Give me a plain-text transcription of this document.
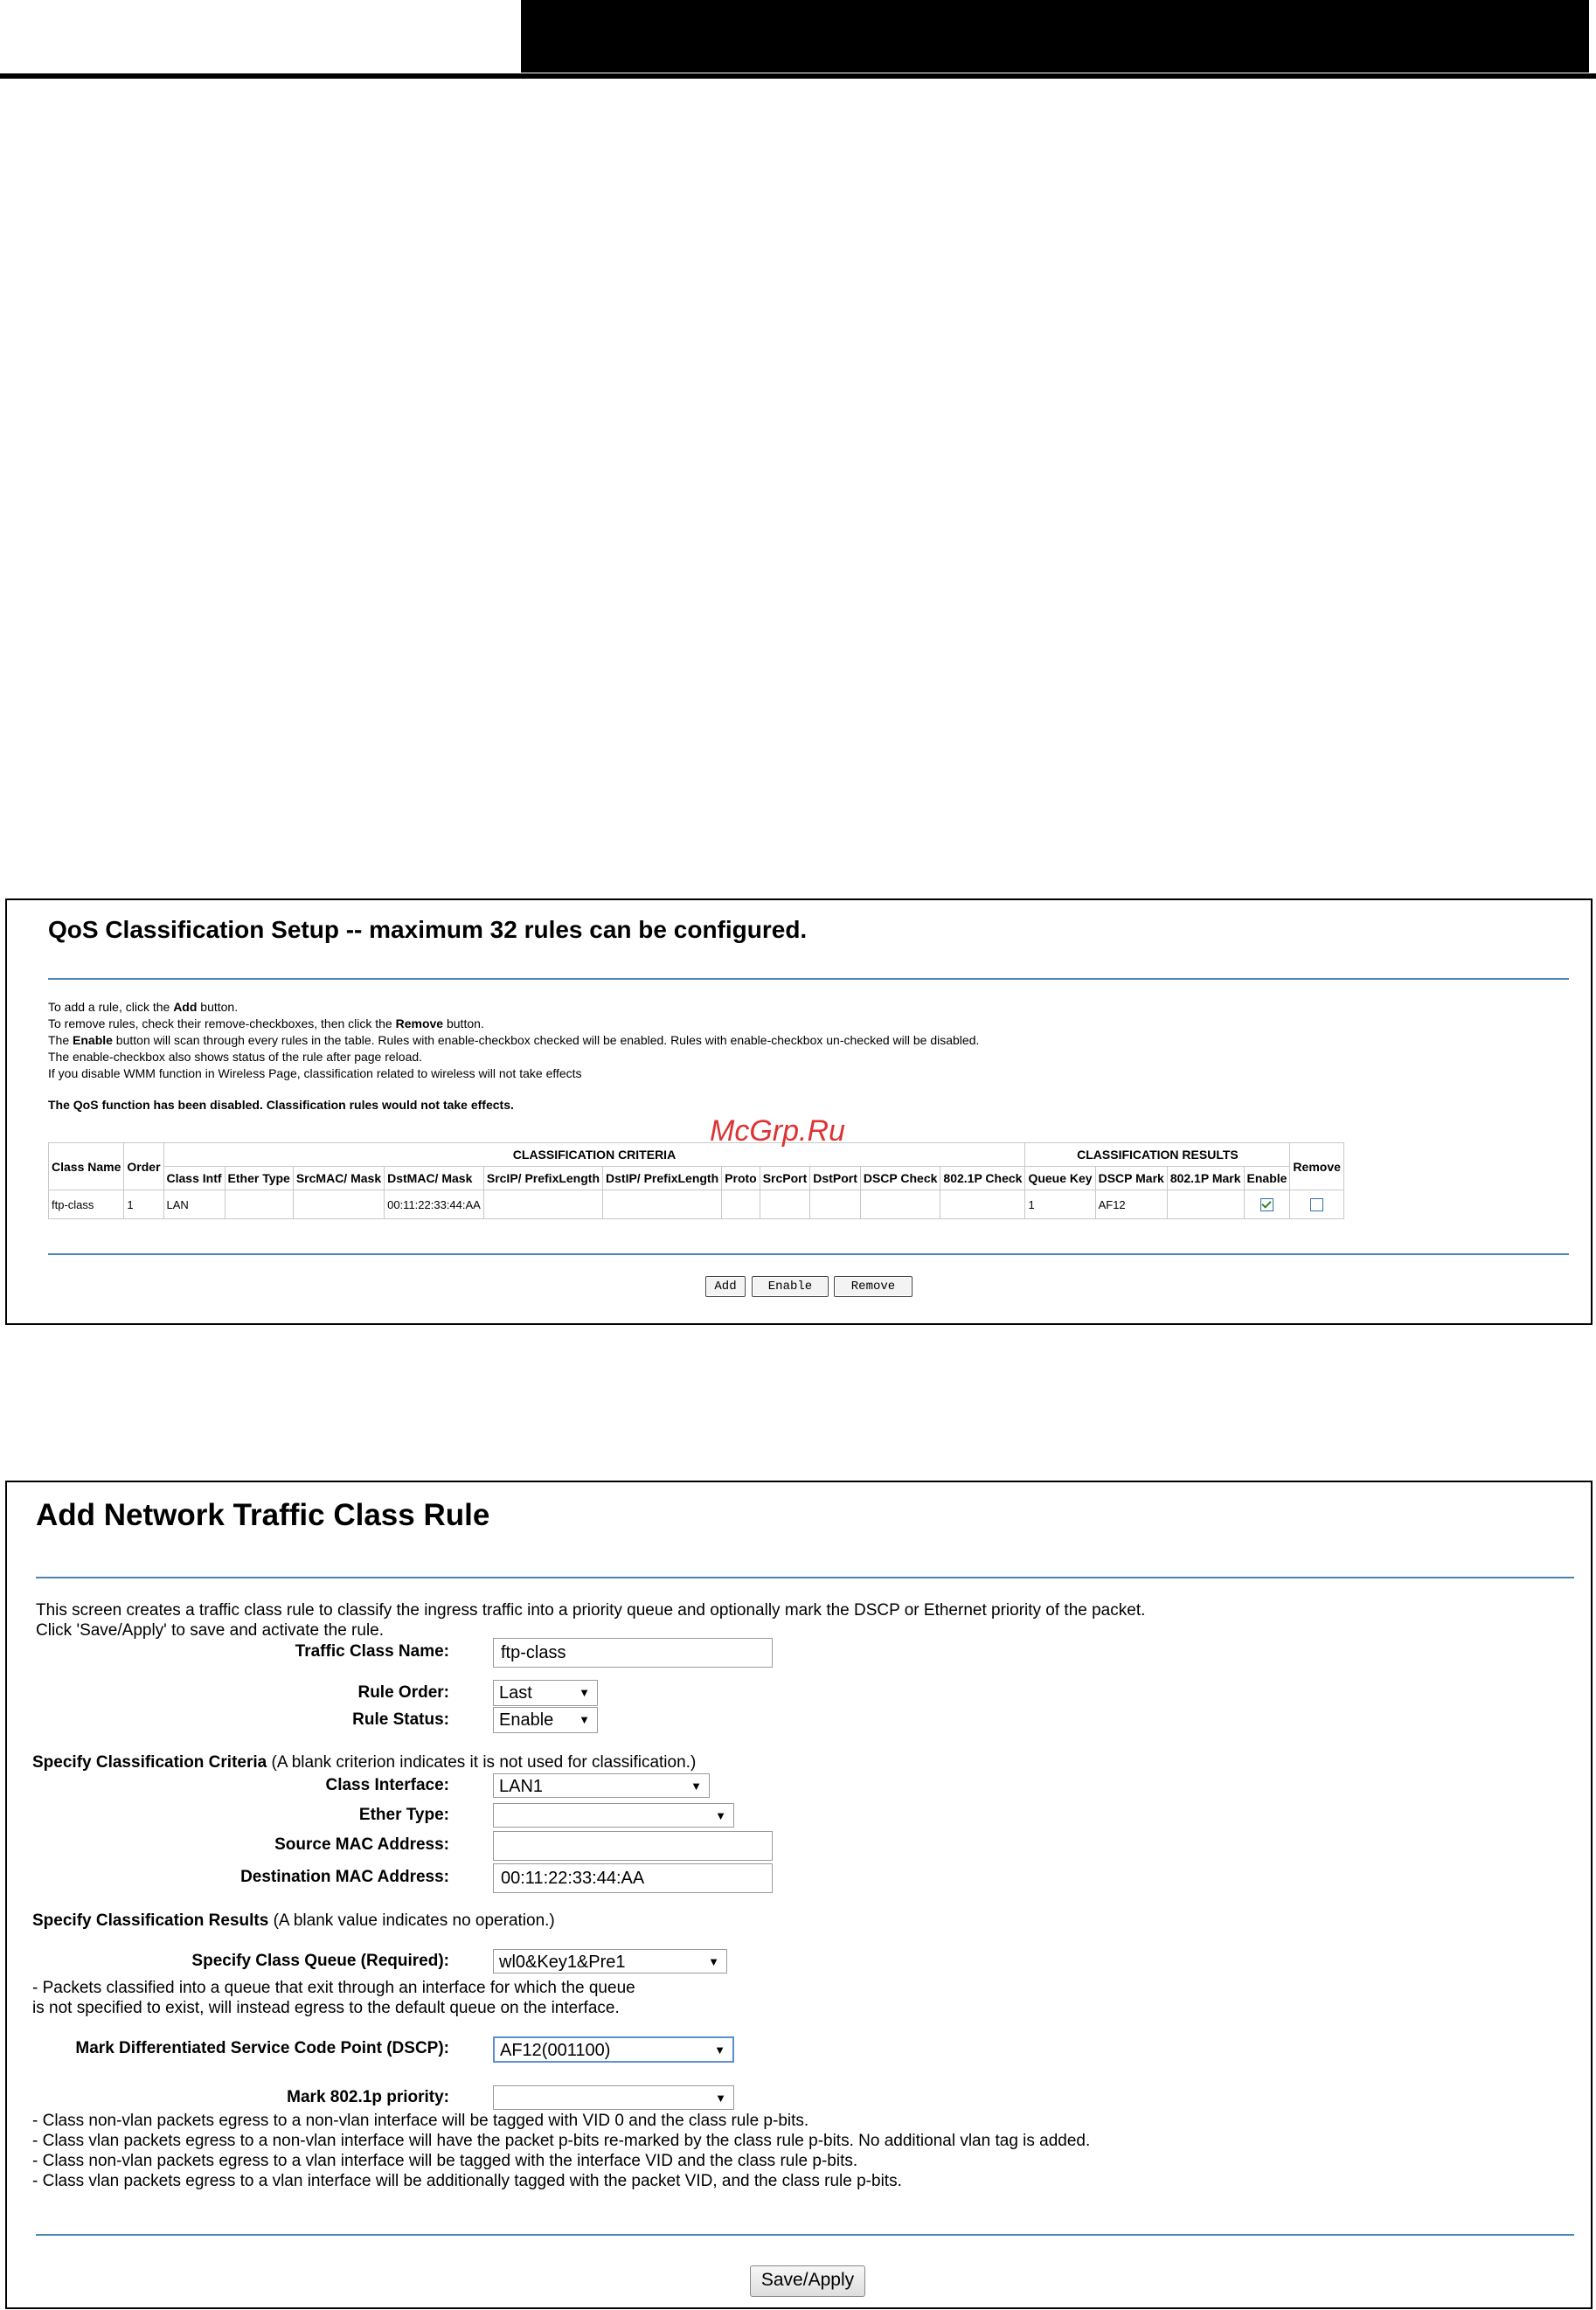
QoS Classification Setup -- maximum 32 rules can be configured.
To add a rule, click the Add button.
To remove rules, check their remove-checkboxes, then click the Remove button.
The Enable button will scan through every rules in the table. Rules with enable-checkbox checked will be enabled. Rules with enable-checkbox un-checked will be disabled.
The enable-checkbox also shows status of the rule after page reload.
If you disable WMM function in Wireless Page, classification related to wireless will not take effects
The QoS function has been disabled. Classification rules would not take effects.
Class Name	Order	CLASSIFICATION CRITERIA											CLASSIFICATION RESULTS				Remove
		Class Intf	Ether Type	SrcMAC/ Mask	DstMAC/ Mask	SrcIP/ PrefixLength	DstIP/ PrefixLength	Proto	SrcPort	DstPort	DSCP Check	802.1P Check	Queue Key	DSCP Mark	802.1P Mark	Enable	
ftp-class	1	LAN			00:11:22:33:44:AA								1	AF12			
Add	Enable	Remove
McGrp.Ru
Add Network Traffic Class Rule
This screen creates a traffic class rule to classify the ingress traffic into a priority queue and optionally mark the DSCP or Ethernet priority of the packet.
Click 'Save/Apply' to save and activate the rule.
Traffic Class Name:	ftp-class
Rule Order:	Last	▼
Rule Status:	Enable ▼
Specify Classification Criteria (A blank criterion indicates it is not used for classification.)
Class Interface:	LAN1	▼
Ether Type:	▼
Source MAC Address:
Destination MAC Address:	00:11:22:33:44:AA
Specify Classification Results (A blank value indicates no operation.)
Specify Class Queue (Required):	wl0&Key1&Pre1	▼
- Packets classified into a queue that exit through an interface for which the queue
is not specified to exist, will instead egress to the default queue on the interface.
Mark Differentiated Service Code Point (DSCP):	AF12(001100)	▼
Mark 802.1p priority:	▼
- Class non-vlan packets egress to a non-vlan interface will be tagged with VID 0 and the class rule p-bits.
- Class vlan packets egress to a non-vlan interface will have the packet p-bits re-marked by the class rule p-bits. No additional vlan tag is added.
- Class non-vlan packets egress to a vlan interface will be tagged with the interface VID and the class rule p-bits.
- Class vlan packets egress to a vlan interface will be additionally tagged with the packet VID, and the class rule p-bits.
Save/Apply
